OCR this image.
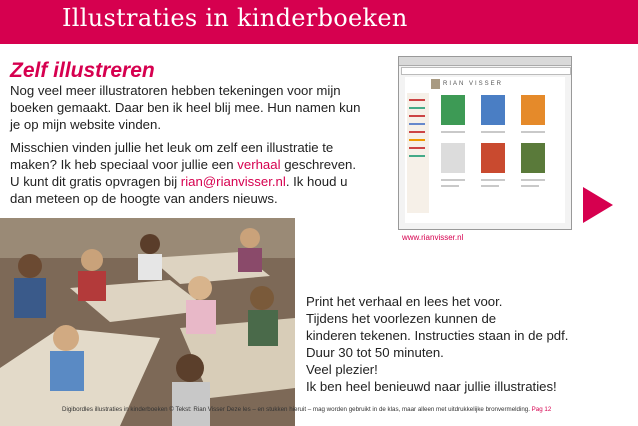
Illustraties in kinderboeken
Zelf illustreren
Nog veel meer illustratoren hebben tekeningen voor mijn
boeken gemaakt. Daar ben ik heel blij mee. Hun namen kun
je op mijn website vinden.
Misschien vinden jullie het leuk om zelf een illustratie te
maken? Ik heb speciaal voor jullie een verhaal geschreven.
U kunt dit gratis opvragen bij rian@rianvisser.nl. Ik houd u
dan meteen op de hoogte van anders nieuws.
RIAN VISSER
www.rianvisser.nl
Print het verhaal en lees het voor.
Tijdens het voorlezen kunnen de
kinderen tekenen. Instructies staan in de pdf.
Duur 30 tot 50 minuten.
Veel plezier!
Ik ben heel benieuwd naar jullie illustraties!
Digibordles illustraties in kinderboeken © Tekst: Rian Visser Deze les – en stukken hieruit – mag worden gebruikt in de klas, maar alleen met uitdrukkelijke bronvermelding. Pag 12
